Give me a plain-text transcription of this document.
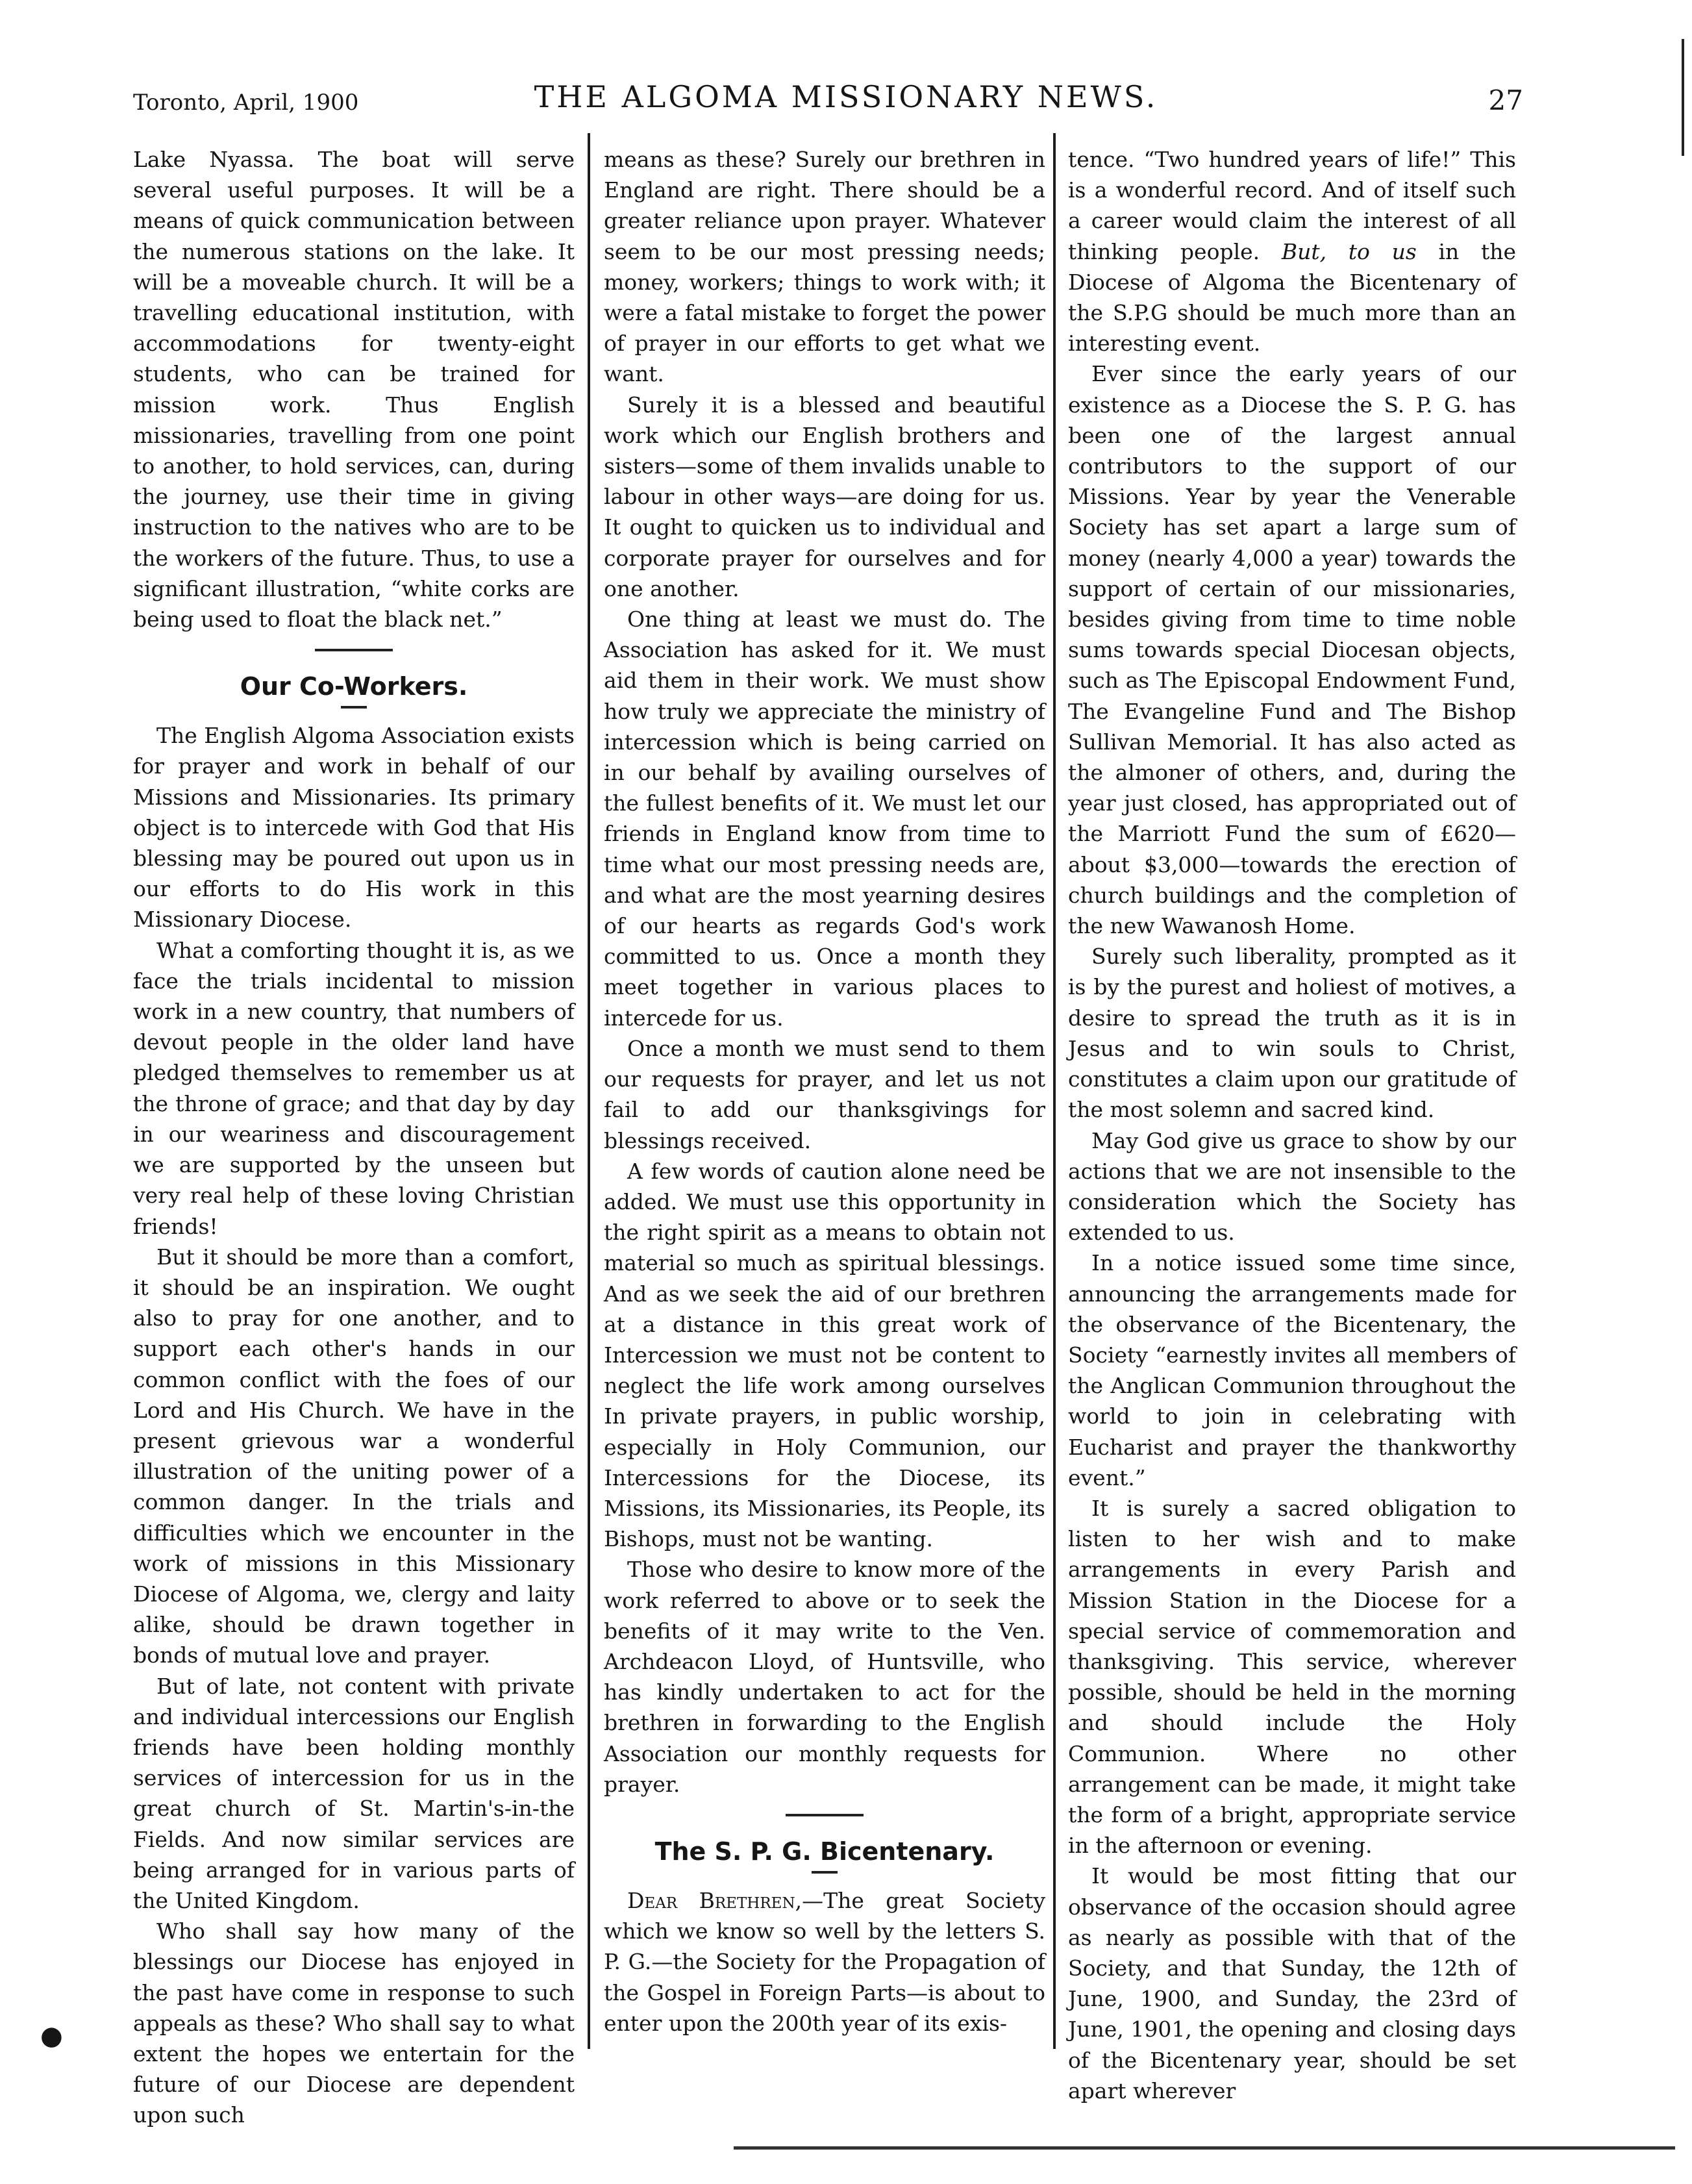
Toronto, April, 1900	THE ALGOMA MISSIONARY NEWS.	27

Lake Nyassa. The boat will serve several useful purposes. It will be a means of quick communication between the numerous stations on the lake. It will be a moveable church. It will be a travelling educational institution, with accommodations for twenty-eight students, who can be trained for mission work. Thus English missionaries, travelling from one point to another, to hold services, can, during the journey, use their time in giving instruction to the natives who are to be the workers of the future. Thus, to use a significant illustration, “white corks are being used to float the black net.”

Our Co-Workers.

The English Algoma Association exists for prayer and work in behalf of our Missions and Missionaries. Its primary object is to intercede with God that His blessing may be poured out upon us in our efforts to do His work in this Missionary Diocese.

What a comforting thought it is, as we face the trials incidental to mission work in a new country, that numbers of devout people in the older land have pledged themselves to remember us at the throne of grace; and that day by day in our weariness and discouragement we are supported by the unseen but very real help of these loving Christian friends!

But it should be more than a comfort, it should be an inspiration. We ought also to pray for one another, and to support each other's hands in our common conflict with the foes of our Lord and His Church. We have in the present grievous war a wonderful illustration of the uniting power of a common danger. In the trials and difficulties which we encounter in the work of missions in this Missionary Diocese of Algoma, we, clergy and laity alike, should be drawn together in bonds of mutual love and prayer.

But of late, not content with private and individual intercessions our English friends have been holding monthly services of intercession for us in the great church of St. Martin's-in-the Fields. And now similar services are being arranged for in various parts of the United Kingdom.

Who shall say how many of the blessings our Diocese has enjoyed in the past have come in response to such appeals as these? Who shall say to what extent the hopes we entertain for the future of our Diocese are dependent upon such

means as these? Surely our brethren in England are right. There should be a greater reliance upon prayer. Whatever seem to be our most pressing needs; money, workers; things to work with; it were a fatal mistake to forget the power of prayer in our efforts to get what we want.

Surely it is a blessed and beautiful work which our English brothers and sisters—some of them invalids unable to labour in other ways—are doing for us. It ought to quicken us to individual and corporate prayer for ourselves and for one another.

One thing at least we must do. The Association has asked for it. We must aid them in their work. We must show how truly we appreciate the ministry of intercession which is being carried on in our behalf by availing ourselves of the fullest benefits of it. We must let our friends in England know from time to time what our most pressing needs are, and what are the most yearning desires of our hearts as regards God's work committed to us. Once a month they meet together in various places to intercede for us.

Once a month we must send to them our requests for prayer, and let us not fail to add our thanksgivings for blessings received.

A few words of caution alone need be added. We must use this opportunity in the right spirit as a means to obtain not material so much as spiritual blessings. And as we seek the aid of our brethren at a distance in this great work of Intercession we must not be content to neglect the life work among ourselves In private prayers, in public worship, especially in Holy Communion, our Intercessions for the Diocese, its Missions, its Missionaries, its People, its Bishops, must not be wanting.

Those who desire to know more of the work referred to above or to seek the benefits of it may write to the Ven. Archdeacon Lloyd, of Huntsville, who has kindly undertaken to act for the brethren in forwarding to the English Association our monthly requests for prayer.

The S. P. G. Bicentenary.

Dear Brethren,—The great Society which we know so well by the letters S. P. G.—the Society for the Propagation of the Gospel in Foreign Parts—is about to enter upon the 200th year of its exis-

tence. “Two hundred years of life!” This is a wonderful record. And of itself such a career would claim the interest of all thinking people. But, to us in the Diocese of Algoma the Bicentenary of the S.P.G should be much more than an interesting event.

Ever since the early years of our existence as a Diocese the S. P. G. has been one of the largest annual contributors to the support of our Missions. Year by year the Venerable Society has set apart a large sum of money (nearly 4,000 a year) towards the support of certain of our missionaries, besides giving from time to time noble sums towards special Diocesan objects, such as The Episcopal Endowment Fund, The Evangeline Fund and The Bishop Sullivan Memorial. It has also acted as the almoner of others, and, during the year just closed, has appropriated out of the Marriott Fund the sum of £620—about $3,000—towards the erection of church buildings and the completion of the new Wawanosh Home.

Surely such liberality, prompted as it is by the purest and holiest of motives, a desire to spread the truth as it is in Jesus and to win souls to Christ, constitutes a claim upon our gratitude of the most solemn and sacred kind.

May God give us grace to show by our actions that we are not insensible to the consideration which the Society has extended to us.

In a notice issued some time since, announcing the arrangements made for the observance of the Bicentenary, the Society “earnestly invites all members of the Anglican Communion throughout the world to join in celebrating with Eucharist and prayer the thankworthy event.”

It is surely a sacred obligation to listen to her wish and to make arrangements in every Parish and Mission Station in the Diocese for a special service of commemoration and thanksgiving. This service, wherever possible, should be held in the morning and should include the Holy Communion. Where no other arrangement can be made, it might take the form of a bright, appropriate service in the afternoon or evening.

It would be most fitting that our observance of the occasion should agree as nearly as possible with that of the Society, and that Sunday, the 12th of June, 1900, and Sunday, the 23rd of June, 1901, the opening and closing days of the Bicentenary year, should be set apart wherever

●
